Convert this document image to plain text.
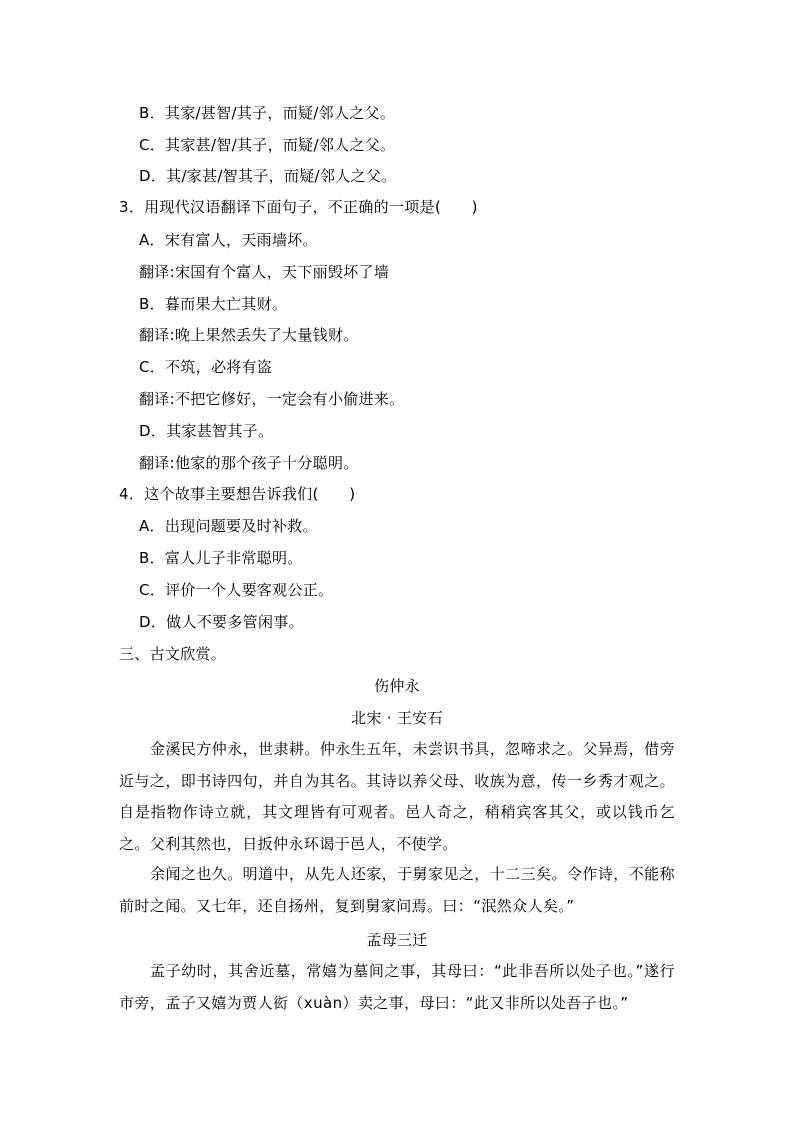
B．其家/甚智/其子，而疑/邻人之父。
C．其家甚/智/其子，而疑/邻人之父。
D．其/家甚/智其子，而疑/邻人之父。
3．用现代汉语翻译下面句子，不正确的一项是(　　)
A．宋有富人，天雨墙坏。
翻译:宋国有个富人，天下丽毁坏了墙
B．暮而果大亡其财。
翻译:晚上果然丢失了大量钱财。
C．不筑，必将有盗
翻译:不把它修好，一定会有小偷进来。
D．其家甚智其子。
翻译:他家的那个孩子十分聪明。
4．这个故事主要想告诉我们(　　)
A．出现问题要及时补救。
B．富人儿子非常聪明。
C．评价一个人要客观公正。
D．做人不要多管闲事。
三、古文欣赏。
伤仲永
北宋 · 王安石
金溪民方仲永，世隶耕。仲永生五年，未尝识书具，忽啼求之。父异焉，借旁近与之，即书诗四句，并自为其名。其诗以养父母、收族为意，传一乡秀才观之。自是指物作诗立就，其文理皆有可观者。邑人奇之，稍稍宾客其父，或以钱币乞之。父利其然也，日扳仲永环谒于邑人，不使学。
余闻之也久。明道中，从先人还家，于舅家见之，十二三矣。令作诗，不能称前时之闻。又七年，还自扬州，复到舅家问焉。曰：“泯然众人矣。”
孟母三迁
孟子幼时，其舍近墓，常嬉为墓间之事，其母曰：“此非吾所以处子也。”遂行市旁，孟子又嬉为贾人衒（xuàn）卖之事，母曰：“此又非所以处吾子也。”
